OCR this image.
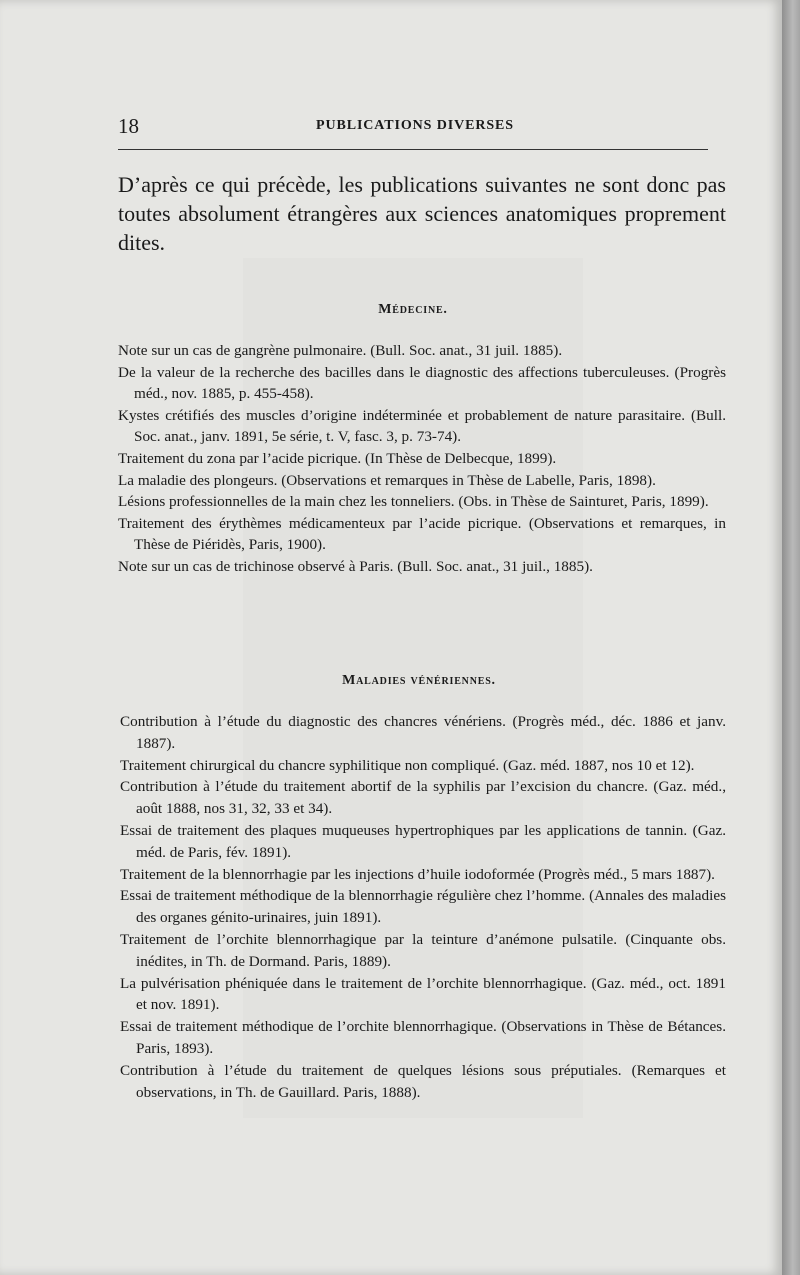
18	PUBLICATIONS DIVERSES

D’après ce qui précède, les publications suivantes ne sont donc pas toutes absolument étrangères aux sciences anatomiques proprement dites.

Médecine.
Note sur un cas de gangrène pulmonaire. (Bull. Soc. anat., 31 juil. 1885).
De la valeur de la recherche des bacilles dans le diagnostic des affections tuberculeuses. (Progrès méd., nov. 1885, p. 455-458).
Kystes crétifiés des muscles d’origine indéterminée et probablement de nature parasitaire. (Bull. Soc. anat., janv. 1891, 5e série, t. V, fasc. 3, p. 73-74).
Traitement du zona par l’acide picrique. (In Thèse de Delbecque, 1899).
La maladie des plongeurs. (Observations et remarques in Thèse de Labelle, Paris, 1898).
Lésions professionnelles de la main chez les tonneliers. (Obs. in Thèse de Sainturet, Paris, 1899).
Traitement des érythèmes médicamenteux par l’acide picrique. (Observations et remarques, in Thèse de Piéridès, Paris, 1900).
Note sur un cas de trichinose observé à Paris. (Bull. Soc. anat., 31 juil., 1885).
Maladies vénériennes.
Contribution à l’étude du diagnostic des chancres vénériens. (Progrès méd., déc. 1886 et janv. 1887).
Traitement chirurgical du chancre syphilitique non compliqué. (Gaz. méd. 1887, nos 10 et 12).
Contribution à l’étude du traitement abortif de la syphilis par l’excision du chancre. (Gaz. méd., août 1888, nos 31, 32, 33 et 34).
Essai de traitement des plaques muqueuses hypertrophiques par les applications de tannin. (Gaz. méd. de Paris, fév. 1891).
Traitement de la blennorrhagie par les injections d’huile iodoformée (Progrès méd., 5 mars 1887).
Essai de traitement méthodique de la blennorrhagie régulière chez l’homme. (Annales des maladies des organes génito-urinaires, juin 1891).
Traitement de l’orchite blennorrhagique par la teinture d’anémone pulsatile. (Cinquante obs. inédites, in Th. de Dormand. Paris, 1889).
La pulvérisation phéniquée dans le traitement de l’orchite blennorrhagique. (Gaz. méd., oct. 1891 et nov. 1891).
Essai de traitement méthodique de l’orchite blennorrhagique. (Observations in Thèse de Bétances. Paris, 1893).
Contribution à l’étude du traitement de quelques lésions sous préputiales. (Remarques et observations, in Th. de Gauillard. Paris, 1888).
